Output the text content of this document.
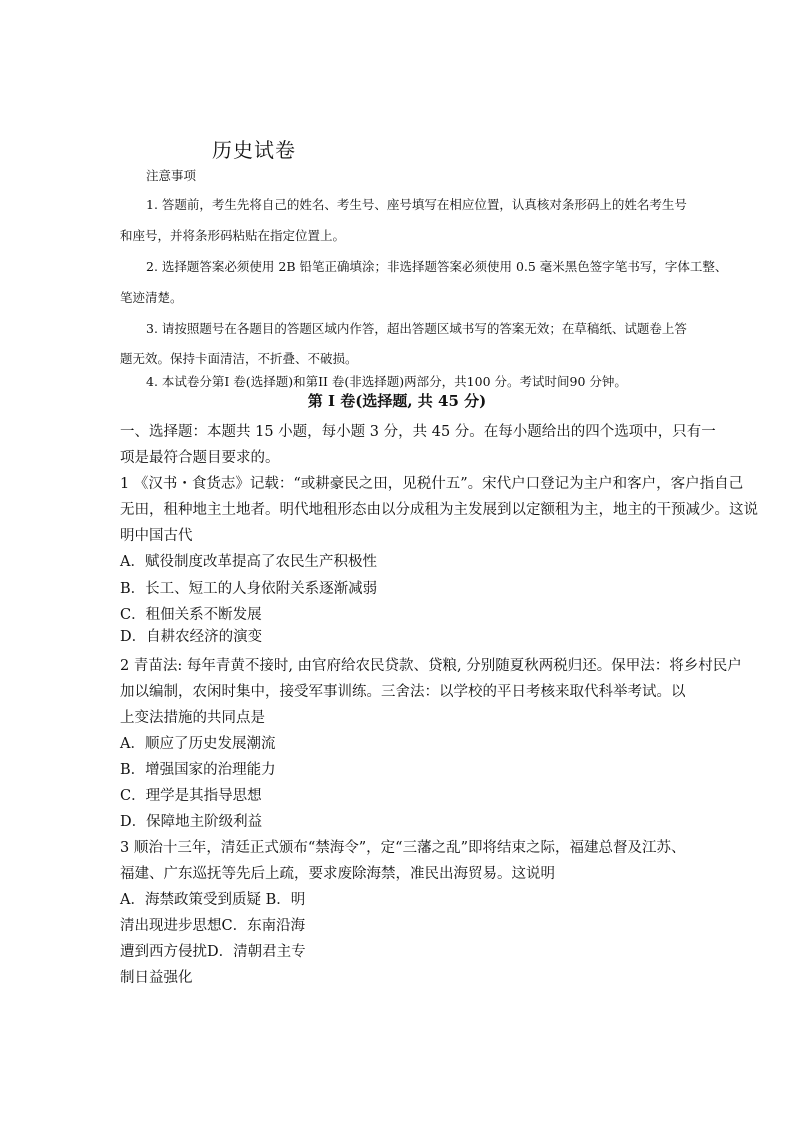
历史试卷
注意事项
1. 答题前，考生先将自己的姓名、考生号、座号填写在相应位置，认真核对条形码上的姓名考生号
和座号，并将条形码粘贴在指定位置上。
2. 选择题答案必须使用 2B 铅笔正确填涂；非选择题答案必须使用 0.5 毫米黑色签字笔书写，字体工整、
笔迹清楚。
3. 请按照题号在各题目的答题区域内作答，超出答题区域书写的答案无效；在草稿纸、试题卷上答
题无效。保持卡面清洁，不折叠、不破损。
4. 本试卷分第I 卷(选择题)和第II 卷(非选择题)两部分，共100 分。考试时间90 分钟。
第 I 卷(选择题, 共 45 分)
一、选择题：本题共 15 小题，每小题 3 分，共 45 分。在每小题给出的四个选项中，只有一
项是最符合题目要求的。
1 《汉书・食货志》记载：“或耕豪民之田，见税什五”。宋代户口登记为主户和客户，客户指自己
无田，租种地主土地者。明代地租形态由以分成租为主发展到以定额租为主，地主的干预减少。这说
明中国古代
A．赋役制度改革提高了农民生产积极性
B．长工、短工的人身依附关系逐渐减弱
C．租佃关系不断发展
D．自耕农经济的演变
2 青苗法: 每年青黄不接时, 由官府给农民贷款、贷粮, 分别随夏秋两税归还。保甲法：将乡村民户
加以编制，农闲时集中，接受军事训练。三舍法：以学校的平日考核来取代科举考试。以
上变法措施的共同点是
A．顺应了历史发展潮流
B．增强国家的治理能力
C．理学是其指导思想
D．保障地主阶级利益
3 顺治十三年，清廷正式颁布“禁海令”，定“三藩之乱”即将结束之际，福建总督及江苏、
福建、广东巡抚等先后上疏，要求废除海禁，准民出海贸易。这说明
A．海禁政策受到质疑 B．明
清出现进步思想C．东南沿海
遭到西方侵扰D．清朝君主专
制日益强化
